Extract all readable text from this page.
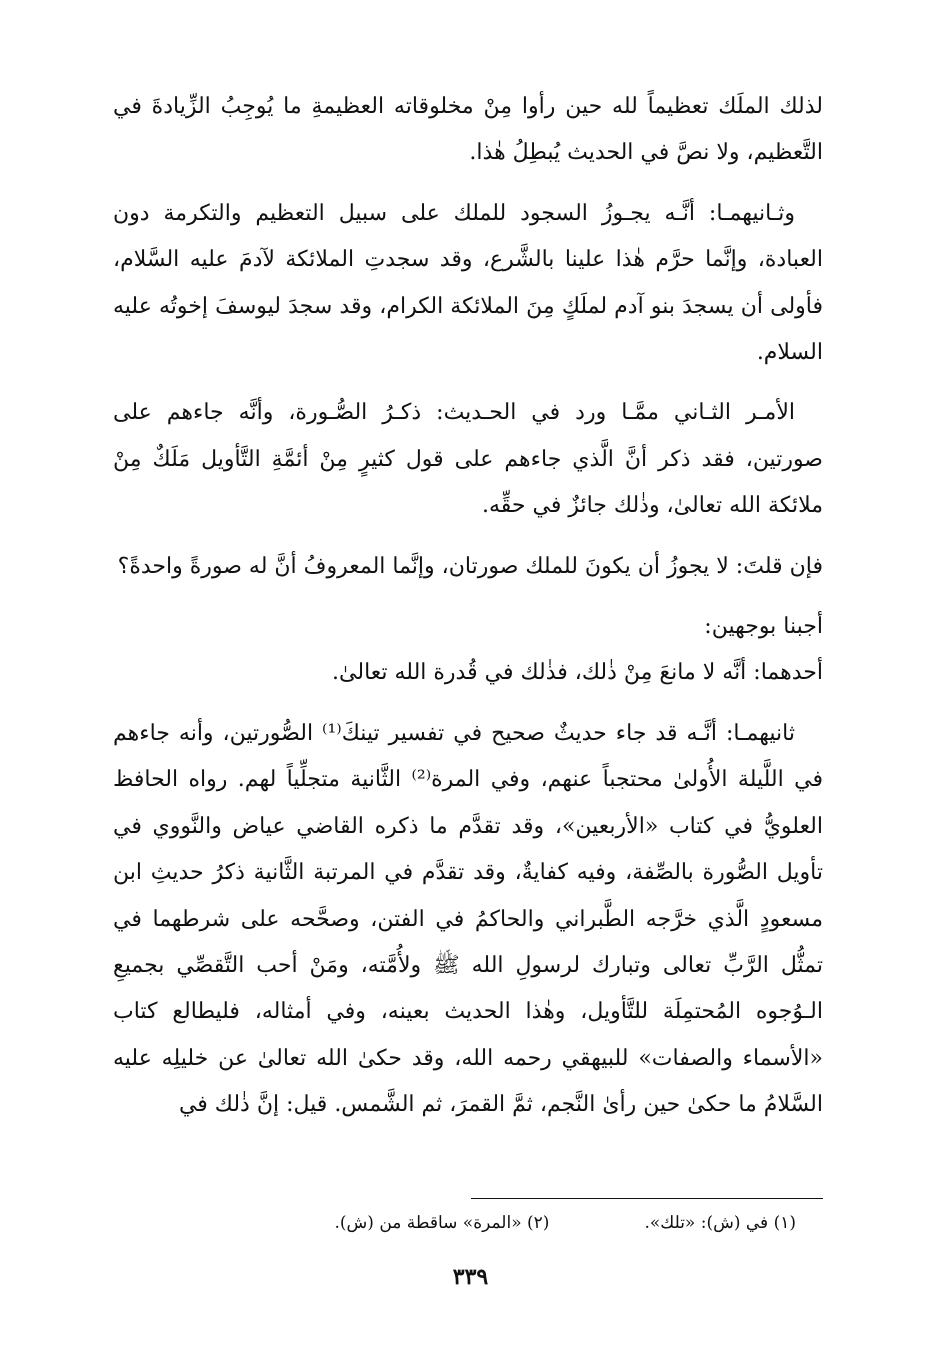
لذلك الملَك تعظيماً لله حين رأوا مِنْ مخلوقاته العظيمةِ ما يُوجِبُ الزِّيادةَ في التَّعظيم، ولا نصَّ في الحديث يُبطِلُ هٰذا.

وثـانيهمـا: أنَّـه يجـوزُ السجود للملك على سبيل التعظيم والتكرمة دون العبادة، وإنَّما حرَّم هٰذا علينا بالشَّرع، وقد سجدتِ الملائكة لآدمَ عليه السَّلام، فأولى أن يسجدَ بنو آدم لملَكٍ مِنَ الملائكة الكرام، وقد سجدَ ليوسفَ إخوتُه عليه السلام.

الأمـر الثـاني ممَّـا ورد في الحـديث: ذكـرُ الصُّـورة، وأنَّه جاءهم على صورتين، فقد ذكر أنَّ الَّذي جاءهم على قول كثيرٍ مِنْ أئمَّةِ التَّأويل مَلَكٌ مِنْ ملائكة الله تعالىٰ، وذٰلك جائزٌ في حقِّه.

فإن قلتَ: لا يجوزُ أن يكونَ للملك صورتان، وإنَّما المعروفُ أنَّ له صورةً واحدةً؟

أجبنا بوجهين:

أحدهما: أنَّه لا مانعَ مِنْ ذٰلك، فذٰلك في قُدرة الله تعالىٰ.

ثانيهمـا: أنَّـه قد جاء حديثٌ صحيح في تفسير تينكَ⁽¹⁾ الصُّورتين، وأنه جاءهم في اللَّيلة الأُولىٰ محتجباً عنهم، وفي المرة⁽²⁾ الثَّانية متجلِّياً لهم. رواه الحافظ العلويُّ في كتاب «الأربعين»، وقد تقدَّم ما ذكره القاضي عياض والنَّووي في تأويل الصُّورة بالصِّفة، وفيه كفايةٌ، وقد تقدَّم في المرتبة الثَّانية ذكرُ حديثِ ابن مسعودٍ الَّذي خرَّجه الطَّبراني والحاكمُ في الفتن، وصحَّحه على شرطهما في تمثُّل الرَّبِّ تعالى وتبارك لرسولِ الله ﷺ ولأُمَّته، ومَنْ أحب التَّقصِّي بجميعِ الـوُجوه المُحتمِلَة للتَّأويل، وهٰذا الحديث بعينه، وفي أمثاله، فليطالع كتاب «الأسماء والصفات» للبيهقي رحمه الله، وقد حكىٰ الله تعالىٰ عن خليلِه عليه السَّلامُ ما حكىٰ حين رأىٰ النَّجم، ثمَّ القمرَ، ثم الشَّمس. قيل: إنَّ ذٰلك في

(١) في (ش): «تلك».
(٢) «المرة» ساقطة من (ش).
٣٣٩
